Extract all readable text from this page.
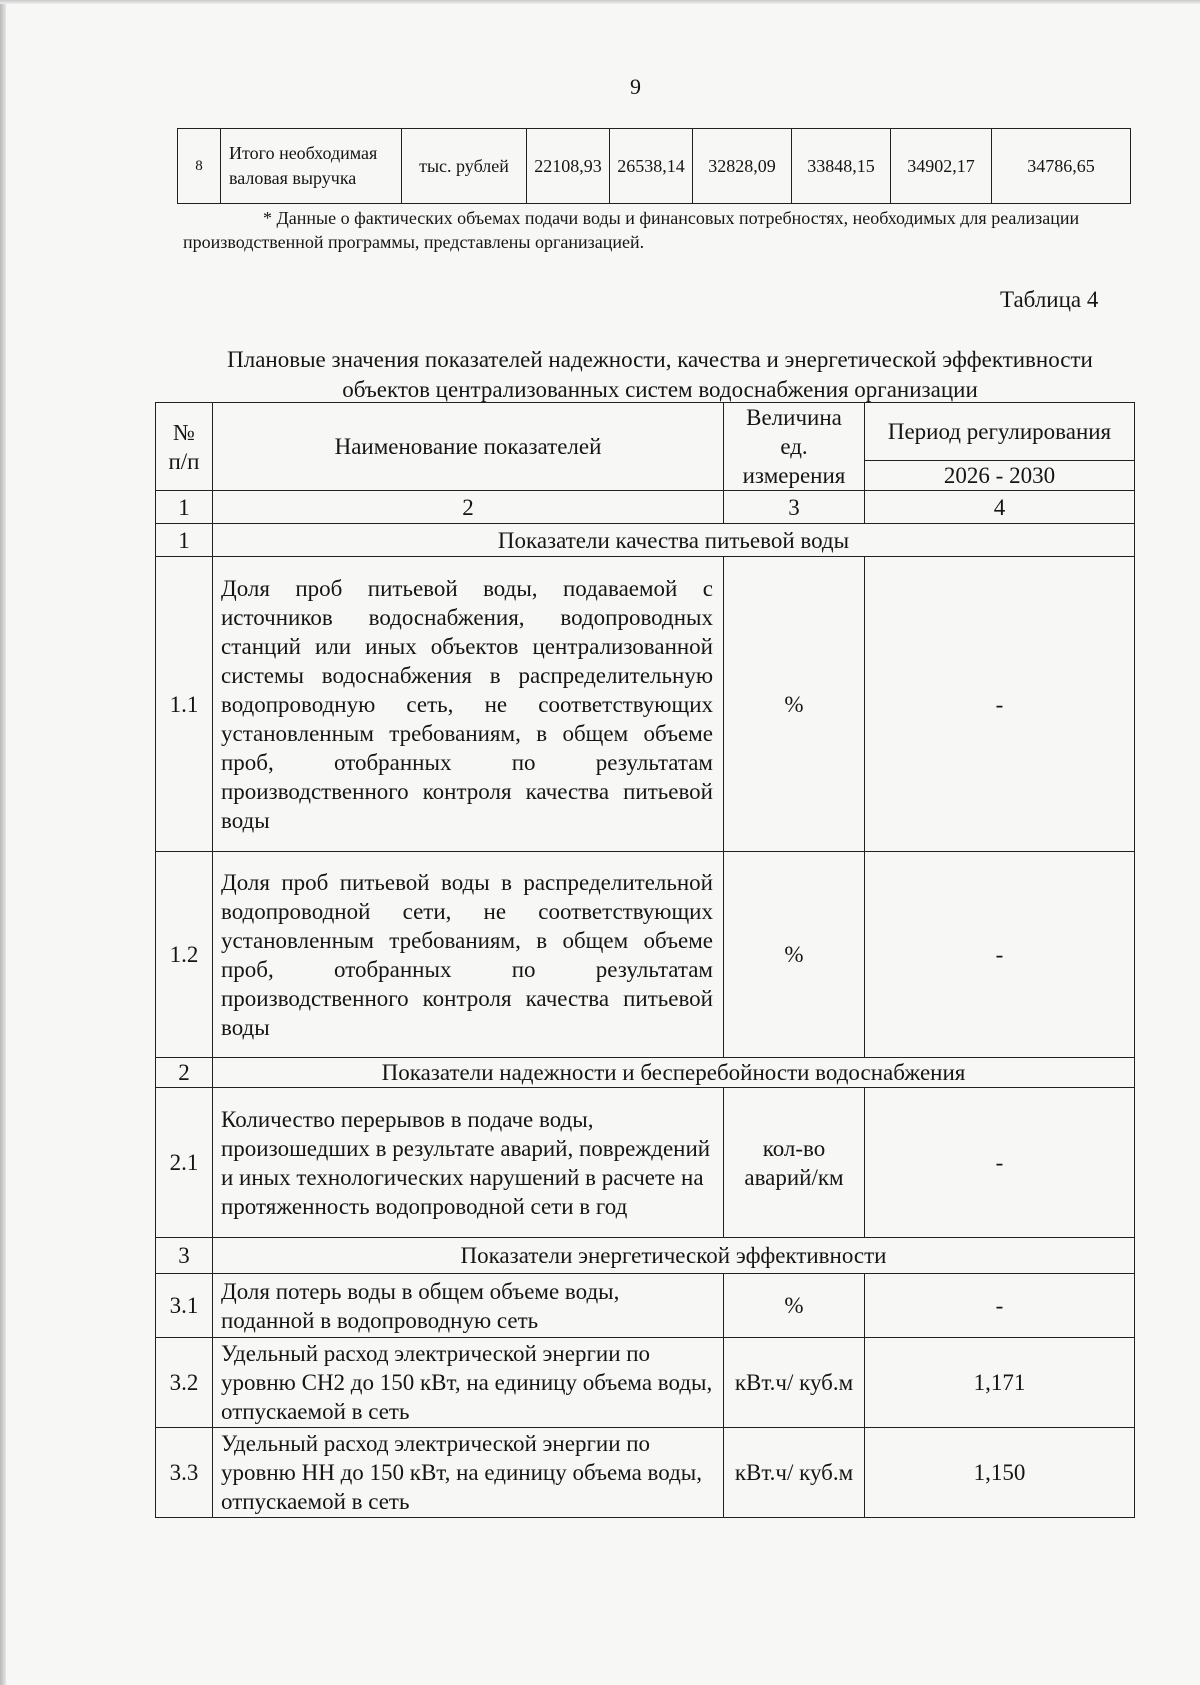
9
8	Итого необходимая валовая выручка	тыс. рублей	22108,93	26538,14	32828,09	33848,15	34902,17	34786,65
* Данные о фактических объемах подачи воды и финансовых потребностях, необходимых для реализации производственной программы, представлены организацией.
Таблица 4
Плановые значения показателей надежности, качества и энергетической эффективности объектов централизованных систем водоснабжения организации
№ п/п	Наименование показателей	Величина ед. измерения	Период регулирования
			2026 - 2030
1	2	3	4
1	Показатели качества питьевой воды		
1.1	Доля проб питьевой воды, подаваемой с источников водоснабжения, водопроводных станций или иных объектов централизованной системы водоснабжения в распределительную водопроводную сеть, не соответствующих установленным требованиям, в общем объеме проб, отобранных по результатам производственного контроля качества питьевой воды	%	-
1.2	Доля проб питьевой воды в распределительной водопроводной сети, не соответствующих установленным требованиям, в общем объеме проб, отобранных по результатам производственного контроля качества питьевой воды	%	-
2	Показатели надежности и бесперебойности водоснабжения		
2.1	Количество перерывов в подаче воды, произошедших в результате аварий, повреждений и иных технологических нарушений в расчете на протяженность водопроводной сети в год	кол-во аварий/км	-
3	Показатели энергетической эффективности		
3.1	Доля потерь воды в общем объеме воды, поданной в водопроводную сеть	%	-
3.2	Удельный расход электрической энергии по уровню СН2 до 150 кВт, на единицу объема воды, отпускаемой в сеть	кВт.ч/ куб.м	1,171
3.3	Удельный расход электрической энергии по уровню НН до 150 кВт, на единицу объема воды, отпускаемой в сеть	кВт.ч/ куб.м	1,150
